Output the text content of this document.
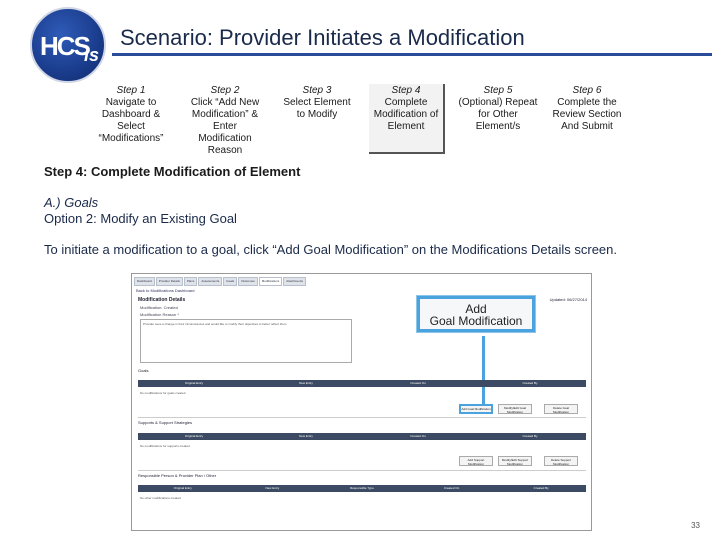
HCS
is
Scenario: Provider Initiates a Modification
Step 1
Navigate to Dashboard & Select “Modifications”
Step 2
Click “Add New Modification” & Enter Modification Reason
Step 3
Select Element to Modify
Step 4
Complete Modification of Element
Step 5
(Optional) Repeat for Other Element/s
Step 6
Complete the Review Section And Submit
Step 4: Complete Modification of Element
A.) Goals
Option 2: Modify an Existing Goal
To initiate a modification to a goal, click “Add Goal Modification” on the Modifications Details screen.
Dashboard	Provider Details	Plans	Assessments	Goals	Outcomes	Modifications	Attachments
Back to Modifications Dashboard
Modification Details	Updated: 06/27/2014
Modification: Created
Modification Reason *
Provider sees a change in their circumstances and would like to modify their objectives to better reflect them.
Add
Goal Modification
Goals
Original Entry	New Entry	Created On	Created By
No modifications for goals created
Add Goal Modification	Modify/Edit Goal Modification
Delete Goal Modification
Supports & Support Strategies
Original Entry	New Entry	Created On	Created By
No modifications for supports created
Add Support Modification
Modify/Edit Support Modification
Delete Support Modification
Responsible Person & Provider Plan / Other
Original Entry	New Entry	Responsible Type	Created On	Created By
No other modifications created
33
